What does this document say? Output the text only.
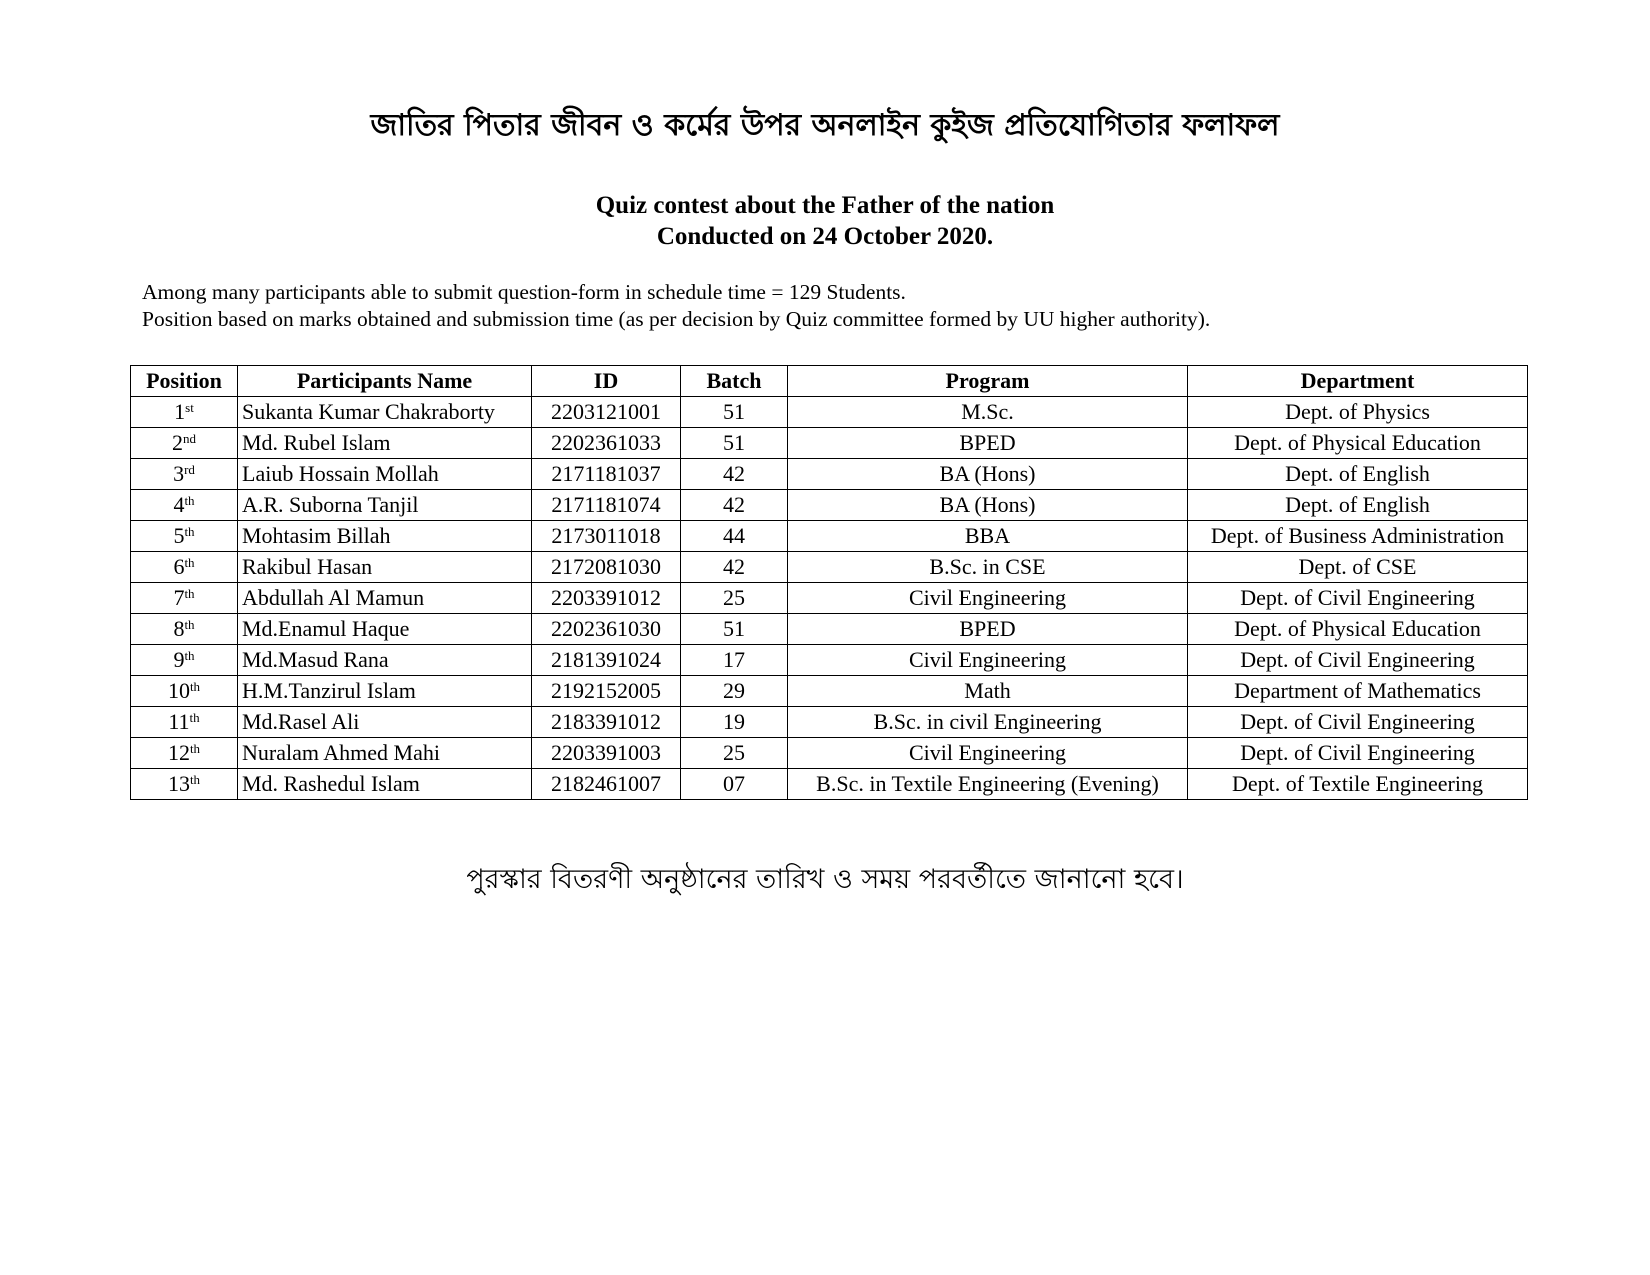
জাতির পিতার জীবন ও কর্মের উপর অনলাইন কুইজ প্রতিযোগিতার ফলাফল
Quiz contest about the Father of the nation
Conducted on 24 October 2020.

Among many participants able to submit question-form in schedule time = 129 Students.

Position based on marks obtained and submission time (as per decision by Quiz committee formed by UU higher authority).

Position	Participants Name	ID	Batch	Program	Department
1st	Sukanta Kumar Chakraborty	2203121001	51	M.Sc.	Dept. of Physics
2nd	Md. Rubel Islam	2202361033	51	BPED	Dept. of Physical Education
3rd	Laiub Hossain Mollah	2171181037	42	BA (Hons)	Dept. of English
4th	A.R. Suborna Tanjil	2171181074	42	BA (Hons)	Dept. of English
5th	Mohtasim Billah	2173011018	44	BBA	Dept. of Business Administration
6th	Rakibul Hasan	2172081030	42	B.Sc. in CSE	Dept. of CSE
7th	Abdullah Al Mamun	2203391012	25	Civil Engineering	Dept. of Civil Engineering
8th	Md.Enamul Haque	2202361030	51	BPED	Dept. of Physical Education
9th	Md.Masud Rana	2181391024	17	Civil Engineering	Dept. of Civil Engineering
10th	H.M.Tanzirul Islam	2192152005	29	Math	Department of Mathematics
11th	Md.Rasel Ali	2183391012	19	B.Sc. in civil Engineering	Dept. of Civil Engineering
12th	Nuralam Ahmed Mahi	2203391003	25	Civil Engineering	Dept. of Civil Engineering
13th	Md. Rashedul Islam	2182461007	07	B.Sc. in Textile Engineering (Evening)	Dept. of Textile Engineering

পুরস্কার বিতরণী অনুষ্ঠানের তারিখ ও সময় পরবর্তীতে জানানো হবে।
